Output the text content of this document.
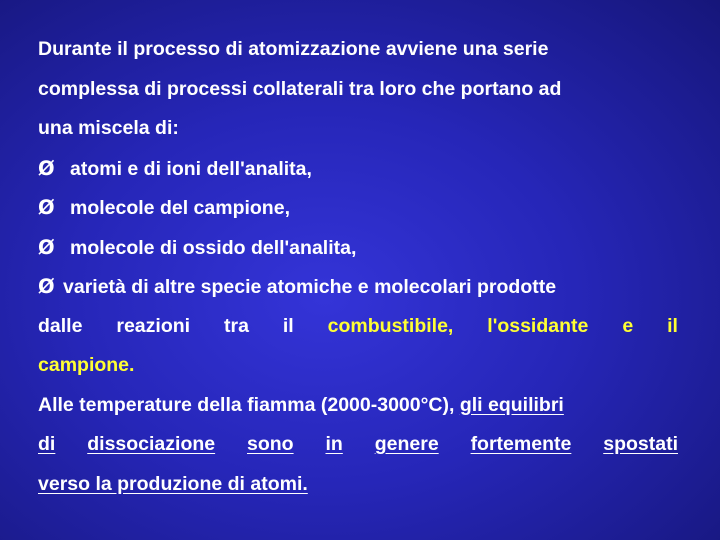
Durante il processo di atomizzazione avviene una serie
complessa di processi collaterali tra loro che portano ad
una miscela di:
Ø atomi e di ioni dell'analita,
Ø molecole del campione,
Ø molecole di ossido dell'analita,
Ø varietà di altre specie atomiche e molecolari prodotte
dalle reazioni tra il combustibile, l'ossidante e il
campione.
Alle temperature della fiamma (2000-3000°C), gli equilibri
di dissociazione sono in genere fortemente spostati
verso la produzione di atomi.
